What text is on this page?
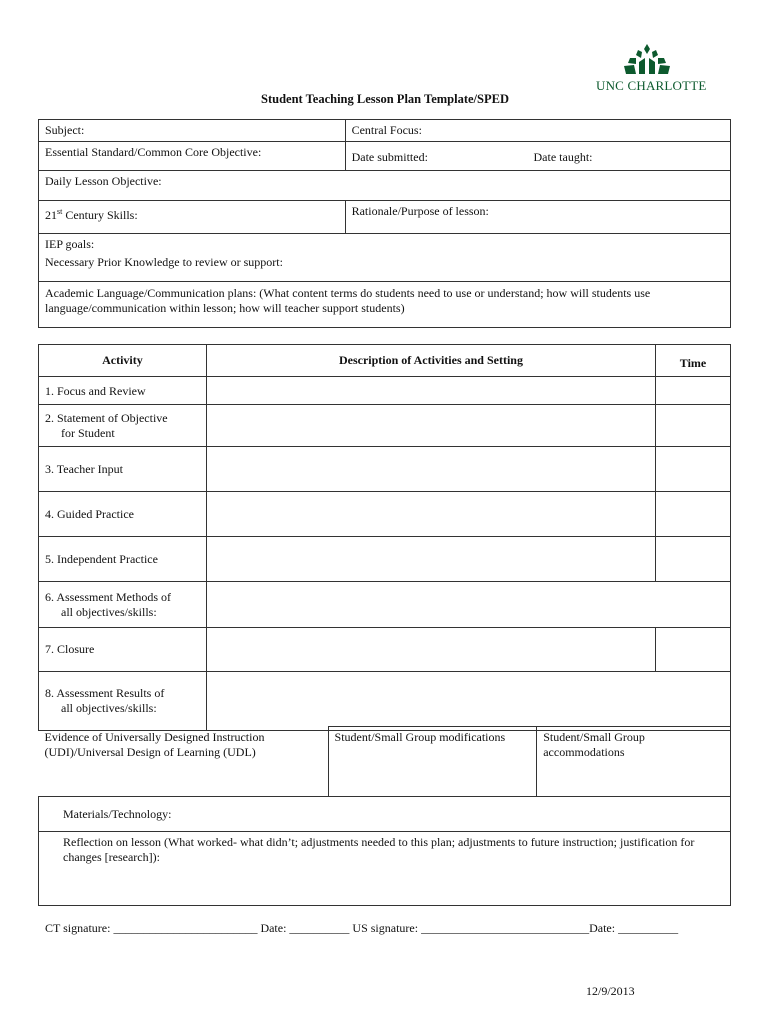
UNC CHARLOTTE
Student Teaching Lesson Plan Template/SPED
Subject:	Central Focus:
Essential Standard/Common Core Objective:	Date submitted: Date taught:

Daily Lesson Objective:	
21st Century Skills:	Rationale/Purpose of lesson:

IEP goals:
Necessary Prior Knowledge to review or support:	

Academic Language/Communication plans: (What content terms do students need to use or understand; how will students use language/communication within lesson; how will teacher support students)	
Activity	Description of Activities and Setting	Time

1. Focus and Review		

2. Statement of Objective
for Student		

3. Teacher Input		

4. Guided Practice		

5. Independent Practice		

6. Assessment Methods of
all objectives/skills:		

7. Closure		

8. Assessment Results of
all objectives/skills:		

Evidence of Universally Designed Instruction (UDI)/Universal Design of Learning (UDL)	Student/Small Group modifications	Student/Small Group accommodations
Materials/Technology:
Reflection on lesson (What worked- what didn’t; adjustments needed to this plan; adjustments to future instruction; justification for changes [research]):
CT signature: ________________________ Date: __________ US signature: ____________________________Date: __________
12/9/2013
